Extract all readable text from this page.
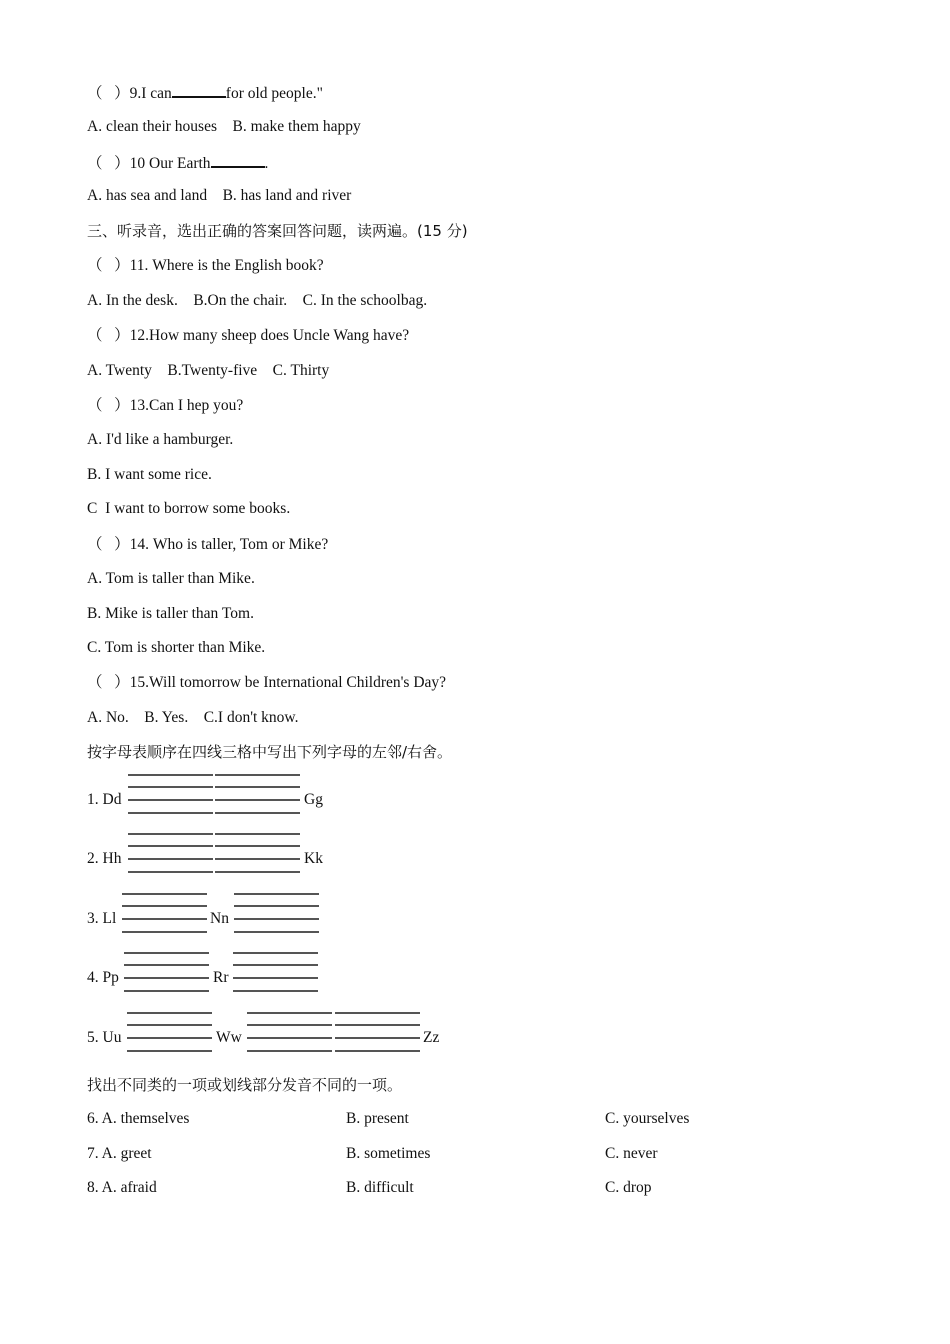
（   ）9.I can	for old people."
A. clean their houses    B. make them happy
（   ）10 Our Earth	.
A. has sea and land    B. has land and river
三、听录音，选出正确的答案回答问题，读两遍。(15 分)
（   ）11. Where is the English book?
A. In the desk.    B.On the chair.    C. In the schoolbag.
（   ）12.How many sheep does Uncle Wang have?
A. Twenty    B.Twenty-five    C. Thirty
（   ）13.Can I hep you?
A. I'd like a hamburger.
B. I want some rice.
C  I want to borrow some books.
（   ）14. Who is taller, Tom or Mike?
A. Tom is taller than Mike.
B. Mike is taller than Tom.
C. Tom is shorter than Mike.
（   ）15.Will tomorrow be International Children's Day?
A. No.    B. Yes.    C.I don't know.
按字母表顺序在四线三格中写出下列字母的左邻/右舍。
1. Dd	Gg
2. Hh	Kk
3. Ll	Nn
4. Pp	Rr
5. Uu	Ww	Zz
找出不同类的一项或划线部分发音不同的一项。
6. A. themselves	B. present	C. yourselves
7. A. greet	B. sometimes	C. never
8. A. afraid	B. difficult	C. drop
